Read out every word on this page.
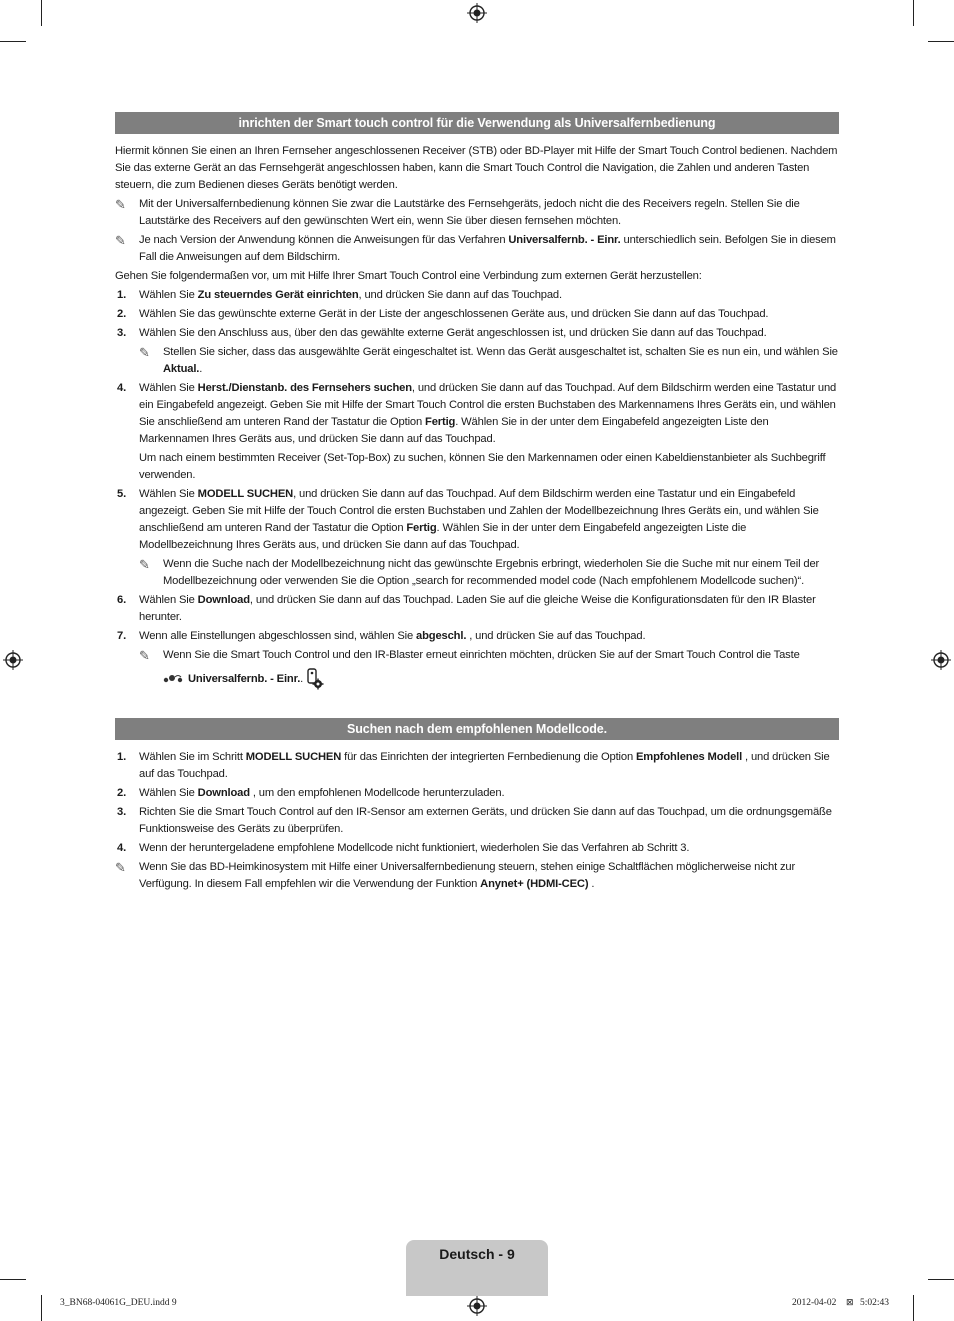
inrichten der Smart touch control für die Verwendung als Universalfernbedienung

Hiermit können Sie einen an Ihren Fernseher angeschlossenen Receiver (STB) oder BD-Player mit Hilfe der Smart Touch Control bedienen. Nachdem Sie das externe Gerät an das Fernsehgerät angeschlossen haben, kann die Smart Touch Control die Navigation, die Zahlen und anderen Tasten steuern, die zum Bedienen dieses Geräts benötigt werden.

✎	Mit der Universalfernbedienung können Sie zwar die Lautstärke des Fernsehgeräts, jedoch nicht die des Receivers regeln. Stellen Sie die Lautstärke des Receivers auf den gewünschten Wert ein, wenn Sie über diesen fernsehen möchten.
✎	Je nach Version der Anwendung können die Anweisungen für das Verfahren Universalfernb. - Einr. unterschiedlich sein. Befolgen Sie in diesem Fall die Anweisungen auf dem Bildschirm.

Gehen Sie folgendermaßen vor, um mit Hilfe Ihrer Smart Touch Control eine Verbindung zum externen Gerät herzustellen:

1. Wählen Sie Zu steuerndes Gerät einrichten, und drücken Sie dann auf das Touchpad.
2. Wählen Sie das gewünschte externe Gerät in der Liste der angeschlossenen Geräte aus, und drücken Sie dann auf das Touchpad.
3. Wählen Sie den Anschluss aus, über den das gewählte externe Gerät angeschlossen ist, und drücken Sie dann auf das Touchpad.
✎	Stellen Sie sicher, dass das ausgewählte Gerät eingeschaltet ist. Wenn das Gerät ausgeschaltet ist, schalten Sie es nun ein, und wählen Sie Aktual..
4. Wählen Sie Herst./Dienstanb. des Fernsehers suchen, und drücken Sie dann auf das Touchpad. Auf dem Bildschirm werden eine Tastatur und ein Eingabefeld angezeigt. Geben Sie mit Hilfe der Smart Touch Control die ersten Buchstaben des Markennamens Ihres Geräts ein, und wählen Sie anschließend am unteren Rand der Tastatur die Option Fertig. Wählen Sie in der unter dem Eingabefeld angezeigten Liste den Markennamen Ihres Geräts aus, und drücken Sie dann auf das Touchpad.
Um nach einem bestimmten Receiver (Set-Top-Box) zu suchen, können Sie den Markennamen oder einen Kabeldienstanbieter als Suchbegriff verwenden.
5. Wählen Sie MODELL SUCHEN, und drücken Sie dann auf das Touchpad. Auf dem Bildschirm werden eine Tastatur und ein Eingabefeld angezeigt. Geben Sie mit Hilfe der Touch Control die ersten Buchstaben und Zahlen der Modellbezeichnung Ihres Geräts ein, und wählen Sie anschließend am unteren Rand der Tastatur die Option Fertig. Wählen Sie in der unter dem Eingabefeld angezeigten Liste die Modellbezeichnung Ihres Geräts aus, und drücken Sie dann auf das Touchpad.
✎	Wenn die Suche nach der Modellbezeichnung nicht das gewünschte Ergebnis erbringt, wiederholen Sie die Suche mit nur einem Teil der Modellbezeichnung oder verwenden Sie die Option „search for recommended model code (Nach empfohlenem Modellcode suchen)“.
6. Wählen Sie Download, und drücken Sie dann auf das Touchpad. Laden Sie auf die gleiche Weise die Konfigurationsdaten für den IR Blaster herunter.
7. Wenn alle Einstellungen abgeschlossen sind, wählen Sie abgeschl. , und drücken Sie auf das Touchpad.
✎	Wenn Sie die Smart Touch Control und den IR-Blaster erneut einrichten möchten, drücken Sie auf der Smart Touch Control die Taste
Universalfernb. - Einr..
Suchen nach dem empfohlenen Modellcode.
1. Wählen Sie im Schritt MODELL SUCHEN für das Einrichten der integrierten Fernbedienung die Option Empfohlenes Modell , und drücken Sie auf das Touchpad.
2. Wählen Sie Download , um den empfohlenen Modellcode herunterzuladen.
3. Richten Sie die Smart Touch Control auf den IR-Sensor am externen Geräts, und drücken Sie dann auf das Touchpad, um die ordnungsgemäße Funktionsweise des Geräts zu überprüfen.
4. Wenn der heruntergeladene empfohlene Modellcode nicht funktioniert, wiederholen Sie das Verfahren ab Schritt 3.
✎	Wenn Sie das BD-Heimkinosystem mit Hilfe einer Universalfernbedienung steuern, stehen einige Schaltflächen möglicherweise nicht zur Verfügung. In diesem Fall empfehlen wir die Verwendung der Funktion Anynet+ (HDMI-CEC) .
Deutsch - 9
3_BN68-04061G_DEU.indd 9	2012-04-02 ⊠ 5:02:43
